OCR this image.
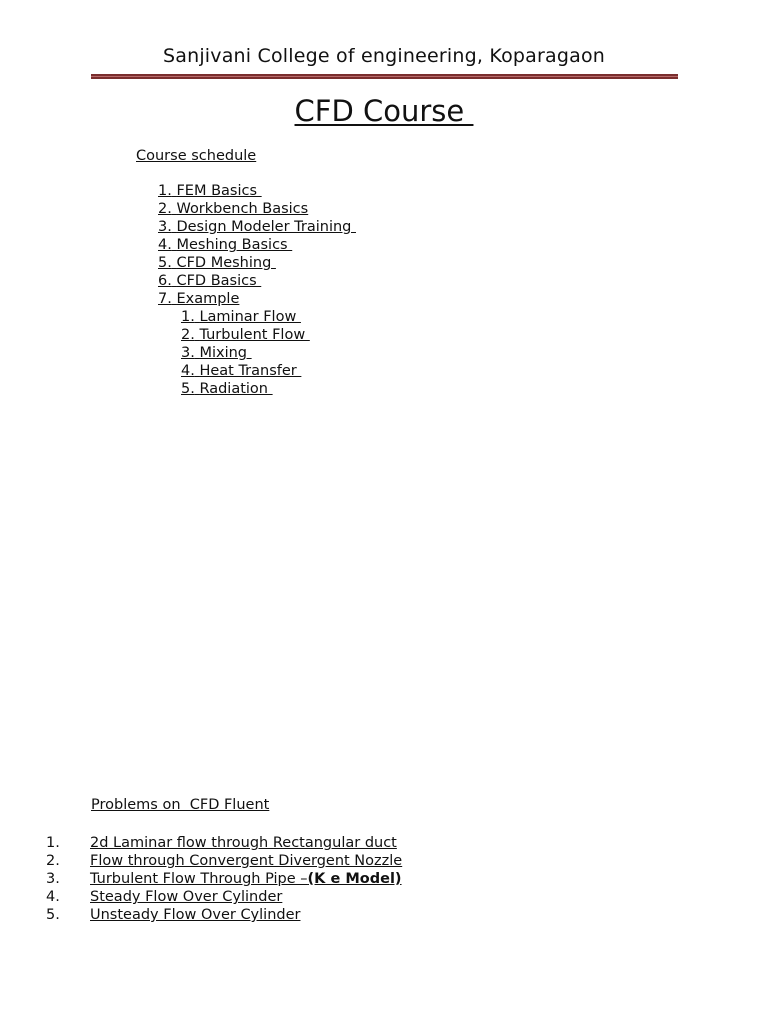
Sanjivani College of engineering, Koparagaon
CFD Course
Course schedule
1. FEM Basics
2. Workbench Basics
3. Design Modeler Training
4. Meshing Basics
5. CFD Meshing
6. CFD Basics
7. Example
1. Laminar Flow
2. Turbulent Flow
3. Mixing
4. Heat Transfer
5. Radiation
Problems on  CFD Fluent
1. 2d Laminar flow through Rectangular duct
2. Flow through Convergent Divergent Nozzle
3. Turbulent Flow Through Pipe –(K e Model)
4. Steady Flow Over Cylinder
5. Unsteady Flow Over Cylinder
